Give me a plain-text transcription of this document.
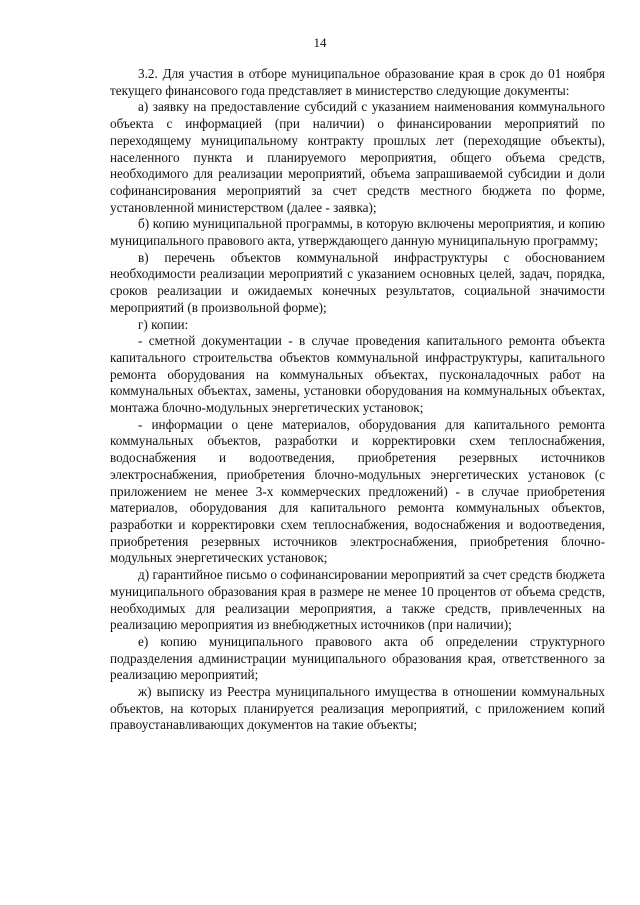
14

3.2. Для участия в отборе муниципальное образование края в срок до 01 ноября текущего финансового года представляет в министерство следующие документы:

а) заявку на предоставление субсидий с указанием наименования коммунального объекта с информацией (при наличии) о финансировании мероприятий по переходящему муниципальному контракту прошлых лет (переходящие объекты), населенного пункта и планируемого мероприятия, общего объема средств, необходимого для реализации мероприятий, объема запрашиваемой субсидии и доли софинансирования мероприятий за счет средств местного бюджета по форме, установленной министерством (далее - заявка);

б) копию муниципальной программы, в которую включены мероприятия, и копию муниципального правового акта, утверждающего данную муниципальную программу;

в) перечень объектов коммунальной инфраструктуры с обоснованием необходимости реализации мероприятий с указанием основных целей, задач, порядка, сроков реализации и ожидаемых конечных результатов, социальной значимости мероприятий (в произвольной форме);

г) копии:

- сметной документации - в случае проведения капитального ремонта объекта капитального строительства объектов коммунальной инфраструктуры, капитального ремонта оборудования на коммунальных объектах, пусконаладочных работ на коммунальных объектах, замены, установки оборудования на коммунальных объектах, монтажа блочно-модульных энергетических установок;

- информации о цене материалов, оборудования для капитального ремонта коммунальных объектов, разработки и корректировки схем теплоснабжения, водоснабжения и водоотведения, приобретения резервных источников электроснабжения, приобретения блочно-модульных энергетических установок (с приложением не менее 3-х коммерческих предложений) - в случае приобретения материалов, оборудования для капитального ремонта коммунальных объектов, разработки и корректировки схем теплоснабжения, водоснабжения и водоотведения, приобретения резервных источников электроснабжения, приобретения блочно-модульных энергетических установок;

д) гарантийное письмо о софинансировании мероприятий за счет средств бюджета муниципального образования края в размере не менее 10 процентов от объема средств, необходимых для реализации мероприятия, а также средств, привлеченных на реализацию мероприятия из внебюджетных источников (при наличии);

е) копию муниципального правового акта об определении структурного подразделения администрации муниципального образования края, ответственного за реализацию мероприятий;

ж) выписку из Реестра муниципального имущества в отношении коммунальных объектов, на которых планируется реализация мероприятий, с приложением копий правоустанавливающих документов на такие объекты;
